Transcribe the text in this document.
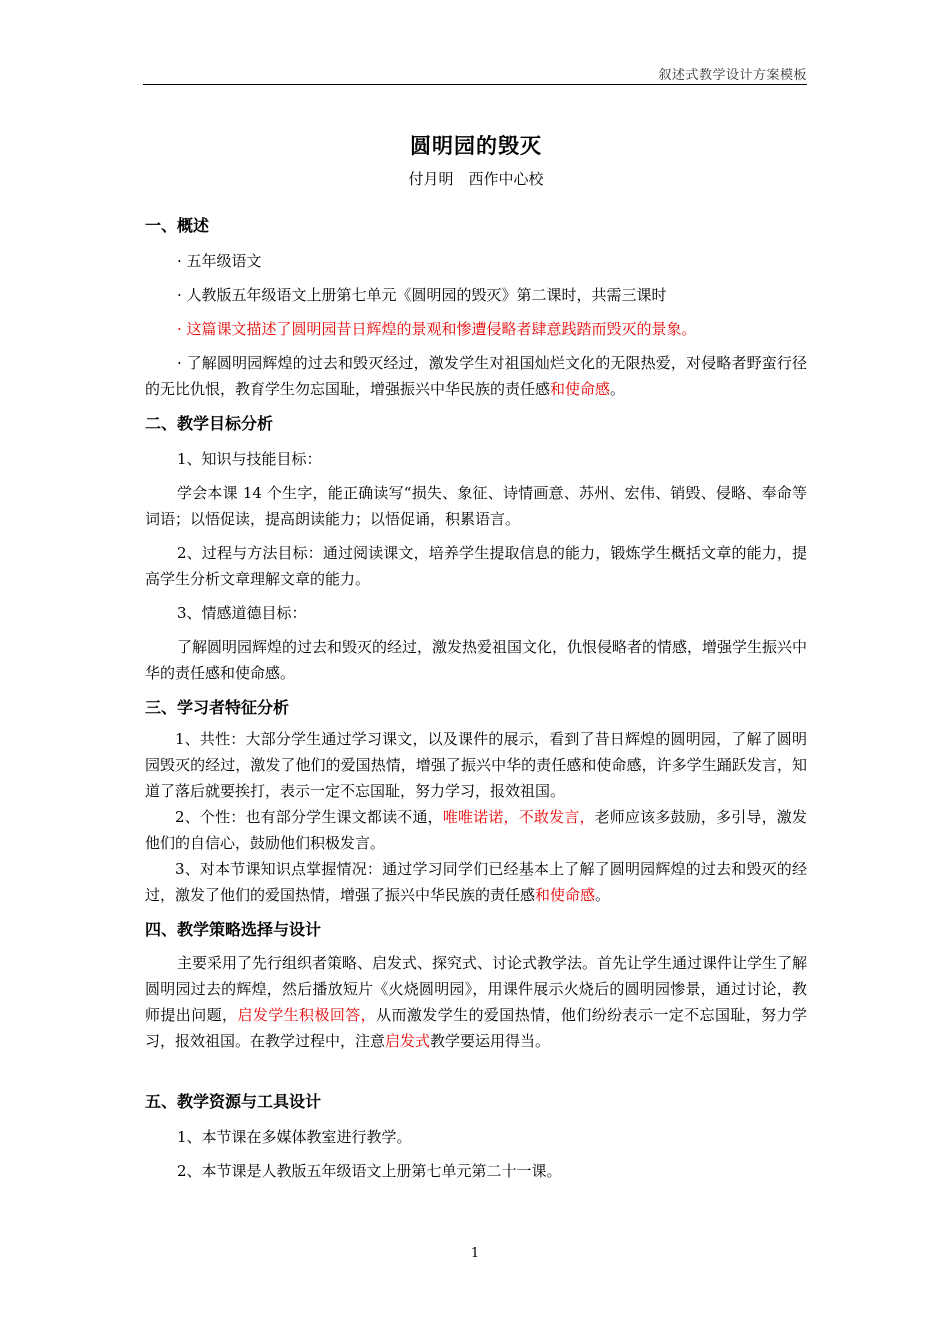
叙述式教学设计方案模板
圆明园的毁灭
付月明　西作中心校
一、概述

· 五年级语文

· 人教版五年级语文上册第七单元《圆明园的毁灭》第二课时，共需三课时

· 这篇课文描述了圆明园昔日辉煌的景观和惨遭侵略者肆意践踏而毁灭的景象。

· 了解圆明园辉煌的过去和毁灭经过，激发学生对祖国灿烂文化的无限热爱，对侵略者野蛮行径的无比仇恨，教育学生勿忘国耻，增强振兴中华民族的责任感和使命感。

二、教学目标分析

1、知识与技能目标：

学会本课 14 个生字，能正确读写“损失、象征、诗情画意、苏州、宏伟、销毁、侵略、奉命等词语；以悟促读，提高朗读能力；以悟促诵，积累语言。

2、过程与方法目标：通过阅读课文，培养学生提取信息的能力，锻炼学生概括文章的能力，提高学生分析文章理解文章的能力。

3、情感道德目标：

了解圆明园辉煌的过去和毁灭的经过，激发热爱祖国文化，仇恨侵略者的情感，增强学生振兴中华的责任感和使命感。

三、学习者特征分析

1、共性：大部分学生通过学习课文，以及课件的展示，看到了昔日辉煌的圆明园，了解了圆明园毁灭的经过，激发了他们的爱国热情，增强了振兴中华的责任感和使命感，许多学生踊跃发言，知道了落后就要挨打，表示一定不忘国耻，努力学习，报效祖国。

2、个性：也有部分学生课文都读不通，唯唯诺诺，不敢发言，老师应该多鼓励，多引导，激发他们的自信心，鼓励他们积极发言。

3、对本节课知识点掌握情况：通过学习同学们已经基本上了解了圆明园辉煌的过去和毁灭的经过，激发了他们的爱国热情，增强了振兴中华民族的责任感和使命感。

四、教学策略选择与设计

主要采用了先行组织者策略、启发式、探究式、讨论式教学法。首先让学生通过课件让学生了解圆明园过去的辉煌，然后播放短片《火烧圆明园》，用课件展示火烧后的圆明园惨景，通过讨论，教师提出问题，启发学生积极回答，从而激发学生的爱国热情，他们纷纷表示一定不忘国耻，努力学习，报效祖国。在教学过程中，注意启发式教学要运用得当。

五、教学资源与工具设计

1、本节课在多媒体教室进行教学。

2、本节课是人教版五年级语文上册第七单元第二十一课。

1
